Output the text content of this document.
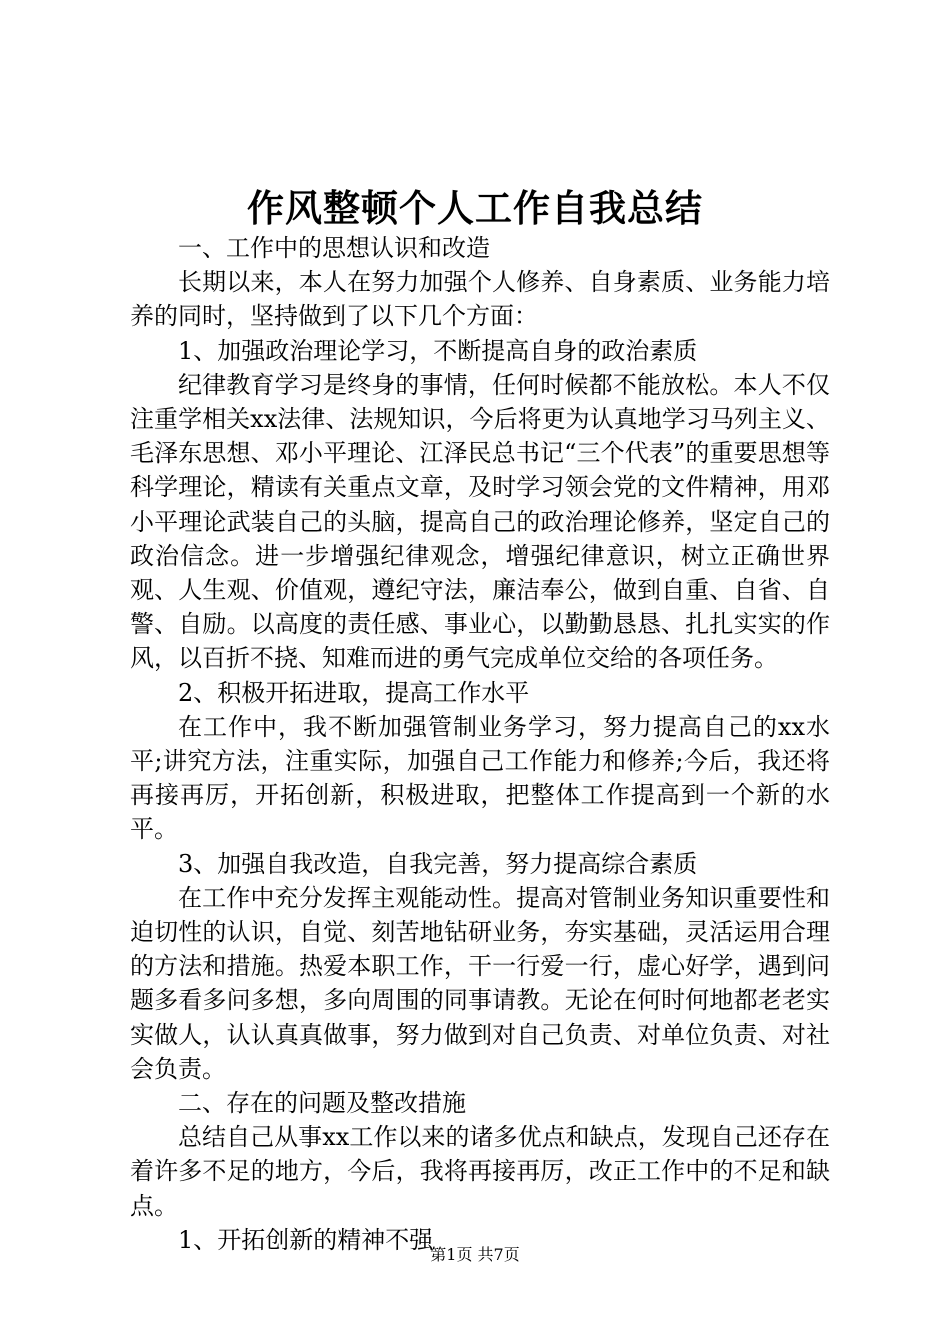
作风整顿个人工作自我总结

一、工作中的思想认识和改造

长期以来，本人在努力加强个人修养、自身素质、业务能力培养的同时，坚持做到了以下几个方面：

1、加强政治理论学习，不断提高自身的政治素质

纪律教育学习是终身的事情，任何时候都不能放松。本人不仅注重学相关xx法律、法规知识，今后将更为认真地学习马列主义、毛泽东思想、邓小平理论、江泽民总书记“三个代表”的重要思想等科学理论，精读有关重点文章，及时学习领会党的文件精神，用邓小平理论武装自己的头脑，提高自己的政治理论修养，坚定自己的政治信念。进一步增强纪律观念，增强纪律意识，树立正确世界观、人生观、价值观，遵纪守法，廉洁奉公，做到自重、自省、自警、自励。以高度的责任感、事业心，以勤勤恳恳、扎扎实实的作风，以百折不挠、知难而进的勇气完成单位交给的各项任务。

2、积极开拓进取，提高工作水平

在工作中，我不断加强管制业务学习，努力提高自己的xx水平;讲究方法，注重实际，加强自己工作能力和修养;今后，我还将再接再厉，开拓创新，积极进取，把整体工作提高到一个新的水平。

3、加强自我改造，自我完善，努力提高综合素质

在工作中充分发挥主观能动性。提高对管制业务知识重要性和迫切性的认识，自觉、刻苦地钻研业务，夯实基础，灵活运用合理的方法和措施。热爱本职工作，干一行爱一行，虚心好学，遇到问题多看多问多想，多向周围的同事请教。无论在何时何地都老老实实做人，认认真真做事，努力做到对自己负责、对单位负责、对社会负责。

二、存在的问题及整改措施

总结自己从事xx工作以来的诸多优点和缺点，发现自己还存在着许多不足的地方，今后，我将再接再厉，改正工作中的不足和缺点。

1、开拓创新的精神不强

第1页 共7页
